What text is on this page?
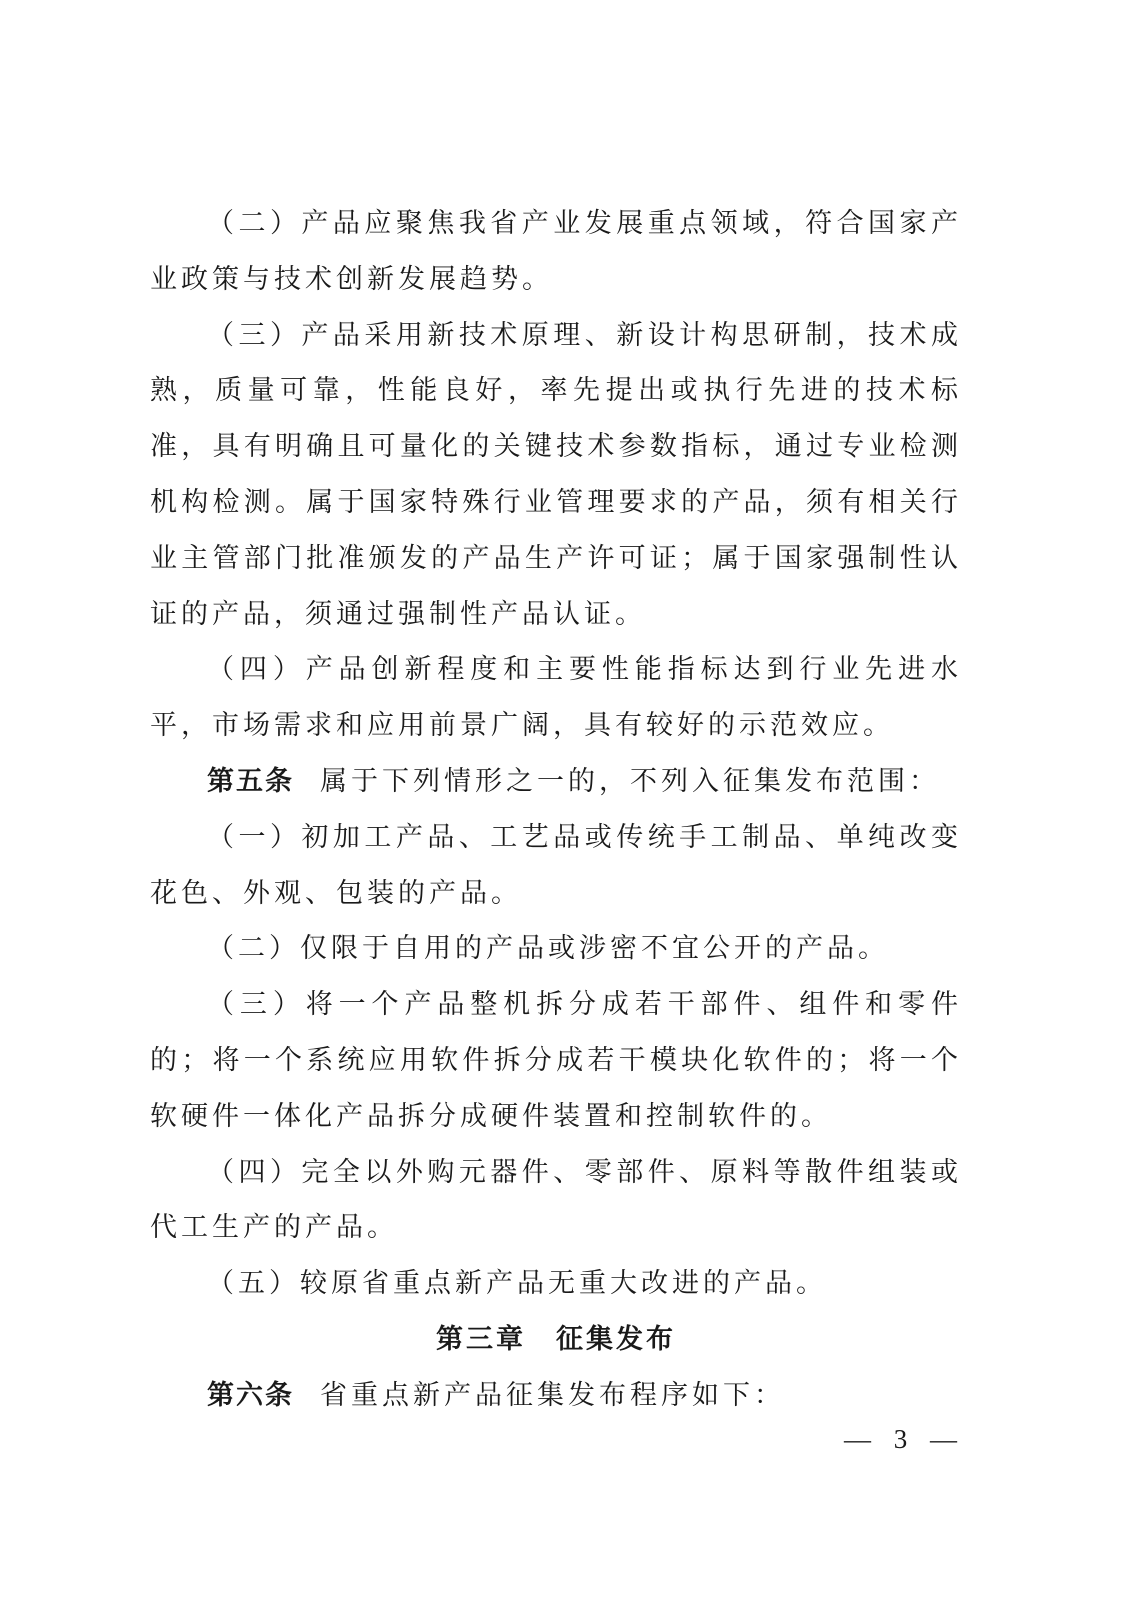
（二）产品应聚焦我省产业发展重点领域，符合国家产业政策与技术创新发展趋势。

（三）产品采用新技术原理、新设计构思研制，技术成熟，质量可靠，性能良好，率先提出或执行先进的技术标准，具有明确且可量化的关键技术参数指标，通过专业检测机构检测。属于国家特殊行业管理要求的产品，须有相关行业主管部门批准颁发的产品生产许可证；属于国家强制性认证的产品，须通过强制性产品认证。

（四）产品创新程度和主要性能指标达到行业先进水平，市场需求和应用前景广阔，具有较好的示范效应。

第五条 属于下列情形之一的，不列入征集发布范围：

（一）初加工产品、工艺品或传统手工制品、单纯改变花色、外观、包装的产品。

（二）仅限于自用的产品或涉密不宜公开的产品。

（三）将一个产品整机拆分成若干部件、组件和零件的；将一个系统应用软件拆分成若干模块化软件的；将一个软硬件一体化产品拆分成硬件装置和控制软件的。

（四）完全以外购元器件、零部件、原料等散件组装或代工生产的产品。

（五）较原省重点新产品无重大改进的产品。

第三章 征集发布

第六条 省重点新产品征集发布程序如下：

— 3 —
